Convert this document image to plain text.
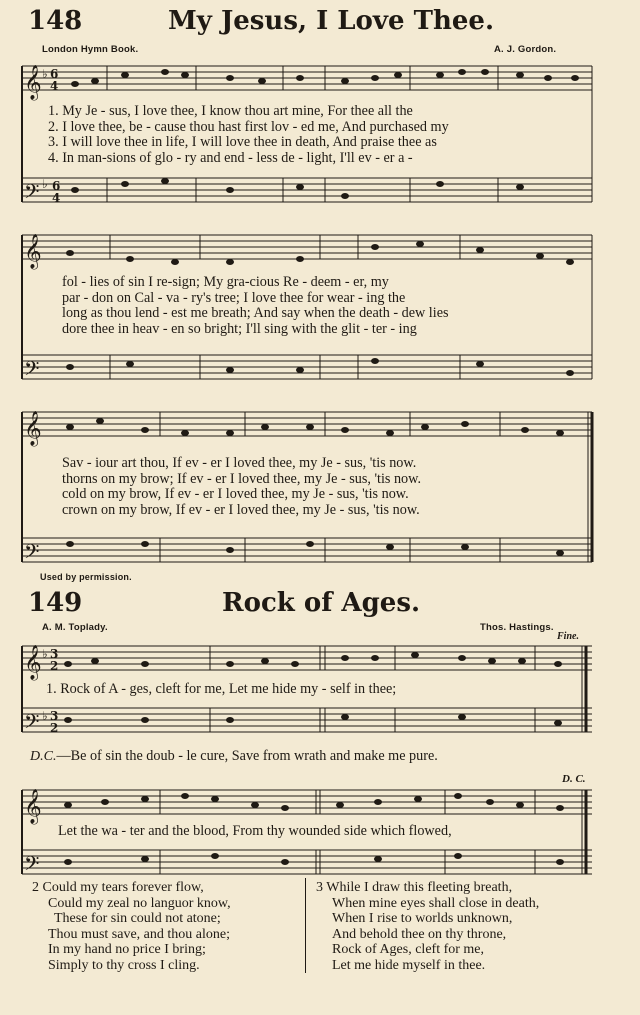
𝄞
𝄢
𝄞
𝄢
𝄞
𝄢
𝄞
𝄢
𝄞
𝄢
♭
♭
6
4
6
4
♭ 3
2
♭ 3
2
148	My Jesus, I Love Thee.
London Hymn Book.	A. J. Gordon.
1. My Je - sus, I love thee, I know thou art mine, For thee all the
2. I love thee, be - cause thou hast first lov - ed me, And purchased my
3. I will love thee in life, I will love thee in death, And praise thee as
4. In man-sions of glo - ry and end - less de - light, I'll ev - er a -
fol - lies of sin I re-sign; My gra-cious Re - deem - er, my
par - don on Cal - va - ry's tree; I love thee for wear - ing the
long as thou lend - est me breath; And say when the death - dew lies
dore thee in heav - en so bright; I'll sing with the glit - ter - ing
Sav - iour art thou, If ev - er I loved thee, my Je - sus, 'tis now.
thorns on my brow; If ev - er I loved thee, my Je - sus, 'tis now.
cold on my brow, If ev - er I loved thee, my Je - sus, 'tis now.
crown on my brow, If ev - er I loved thee, my Je - sus, 'tis now.
Used by permission.
149	Rock of Ages.
A. M. Toplady.	Thos. Hastings.
Fine.
1. Rock of A - ges, cleft for me, Let me hide my - self in thee;
D.C.—Be of sin the doub - le cure, Save from wrath and make me pure.
D. C.
Let the wa - ter and the blood, From thy wounded side which flowed,
2 Could my tears forever flow,
Could my zeal no languor know,
These for sin could not atone;
Thou must save, and thou alone;
In my hand no price I bring;
Simply to thy cross I cling.
3 While I draw this fleeting breath,
When mine eyes shall close in death,
When I rise to worlds unknown,
And behold thee on thy throne,
Rock of Ages, cleft for me,
Let me hide myself in thee.
